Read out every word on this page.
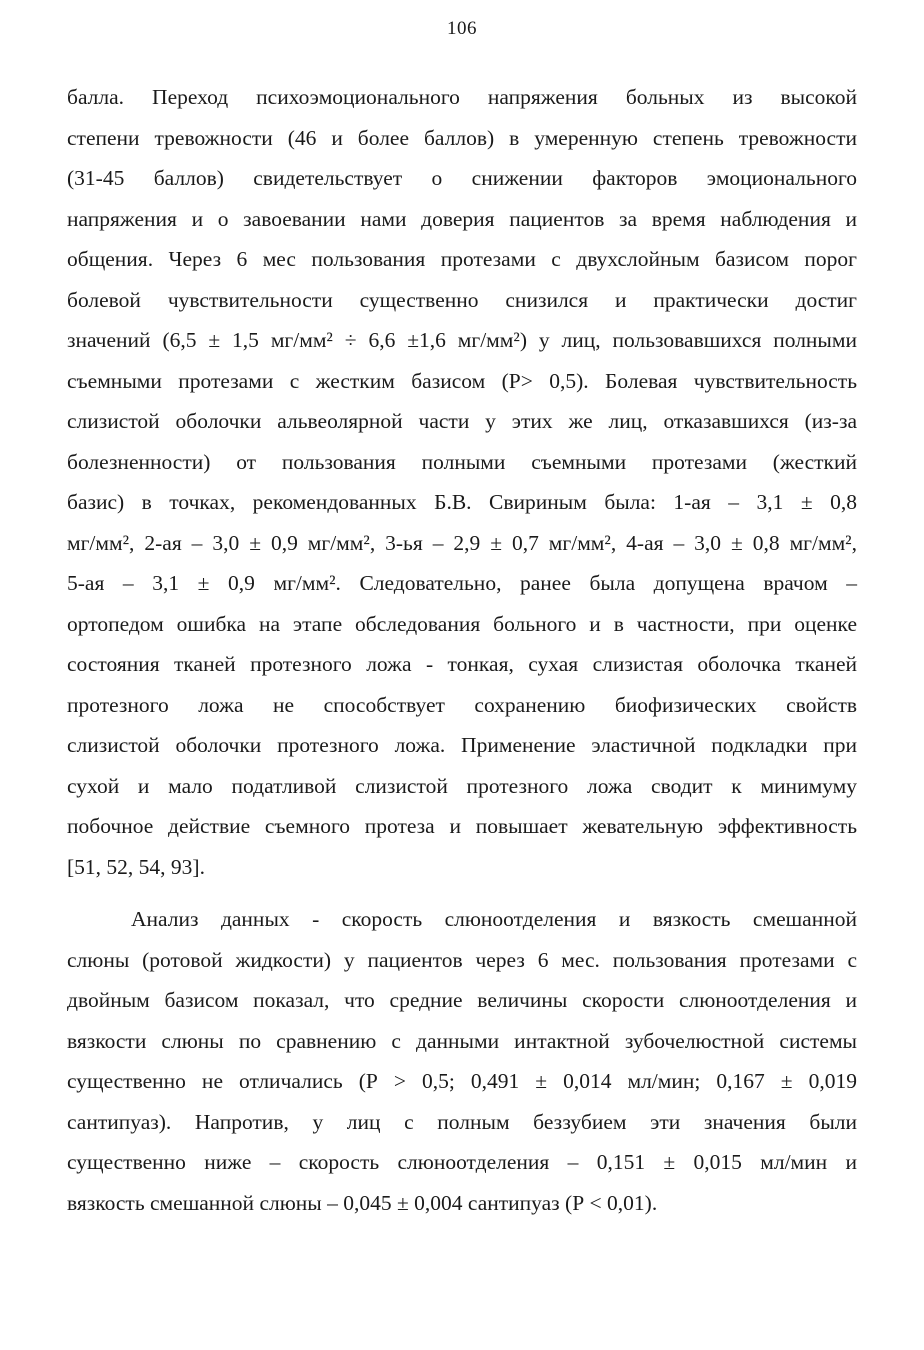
106
балла. Переход психоэмоционального напряжения больных из высокой
степени тревожности (46 и более баллов) в умеренную степень тревожности
(31-45 баллов) свидетельствует о снижении факторов эмоционального
напряжения и о завоевании нами доверия пациентов за время наблюдения и
общения. Через 6 мес пользования протезами с двухслойным базисом порог
болевой чувствительности существенно снизился и практически достиг
значений (6,5 ± 1,5 мг/мм² ÷ 6,6 ±1,6 мг/мм²) у лиц, пользовавшихся полными
съемными протезами с жестким базисом (Р> 0,5). Болевая чувствительность
слизистой оболочки альвеолярной части у этих же лиц, отказавшихся (из-за
болезненности) от пользования полными съемными протезами (жесткий
базис) в точках, рекомендованных Б.В. Свириным была: 1-ая – 3,1 ± 0,8
мг/мм², 2-ая – 3,0 ± 0,9 мг/мм², 3-ья – 2,9 ± 0,7 мг/мм², 4-ая – 3,0 ± 0,8 мг/мм²,
5-ая – 3,1 ± 0,9 мг/мм². Следовательно, ранее была допущена врачом –
ортопедом ошибка на этапе обследования больного и в частности, при оценке
состояния тканей протезного ложа - тонкая, сухая слизистая оболочка тканей
протезного ложа не способствует сохранению биофизических свойств
слизистой оболочки протезного ложа. Применение эластичной подкладки при
сухой и мало податливой слизистой протезного ложа сводит к минимуму
побочное действие съемного протеза и повышает жевательную эффективность
[51, 52, 54, 93].
Анализ данных - скорость слюноотделения и вязкость смешанной
слюны (ротовой жидкости) у пациентов через 6 мес. пользования протезами с
двойным базисом показал, что средние величины скорости слюноотделения и
вязкости слюны по сравнению с данными интактной зубочелюстной системы
существенно не отличались (Р > 0,5; 0,491 ± 0,014 мл/мин; 0,167 ± 0,019
сантипуаз). Напротив, у лиц с полным беззубием эти значения были
существенно ниже – скорость слюноотделения – 0,151 ± 0,015 мл/мин и
вязкость смешанной слюны – 0,045 ± 0,004 сантипуаз (Р < 0,01).
